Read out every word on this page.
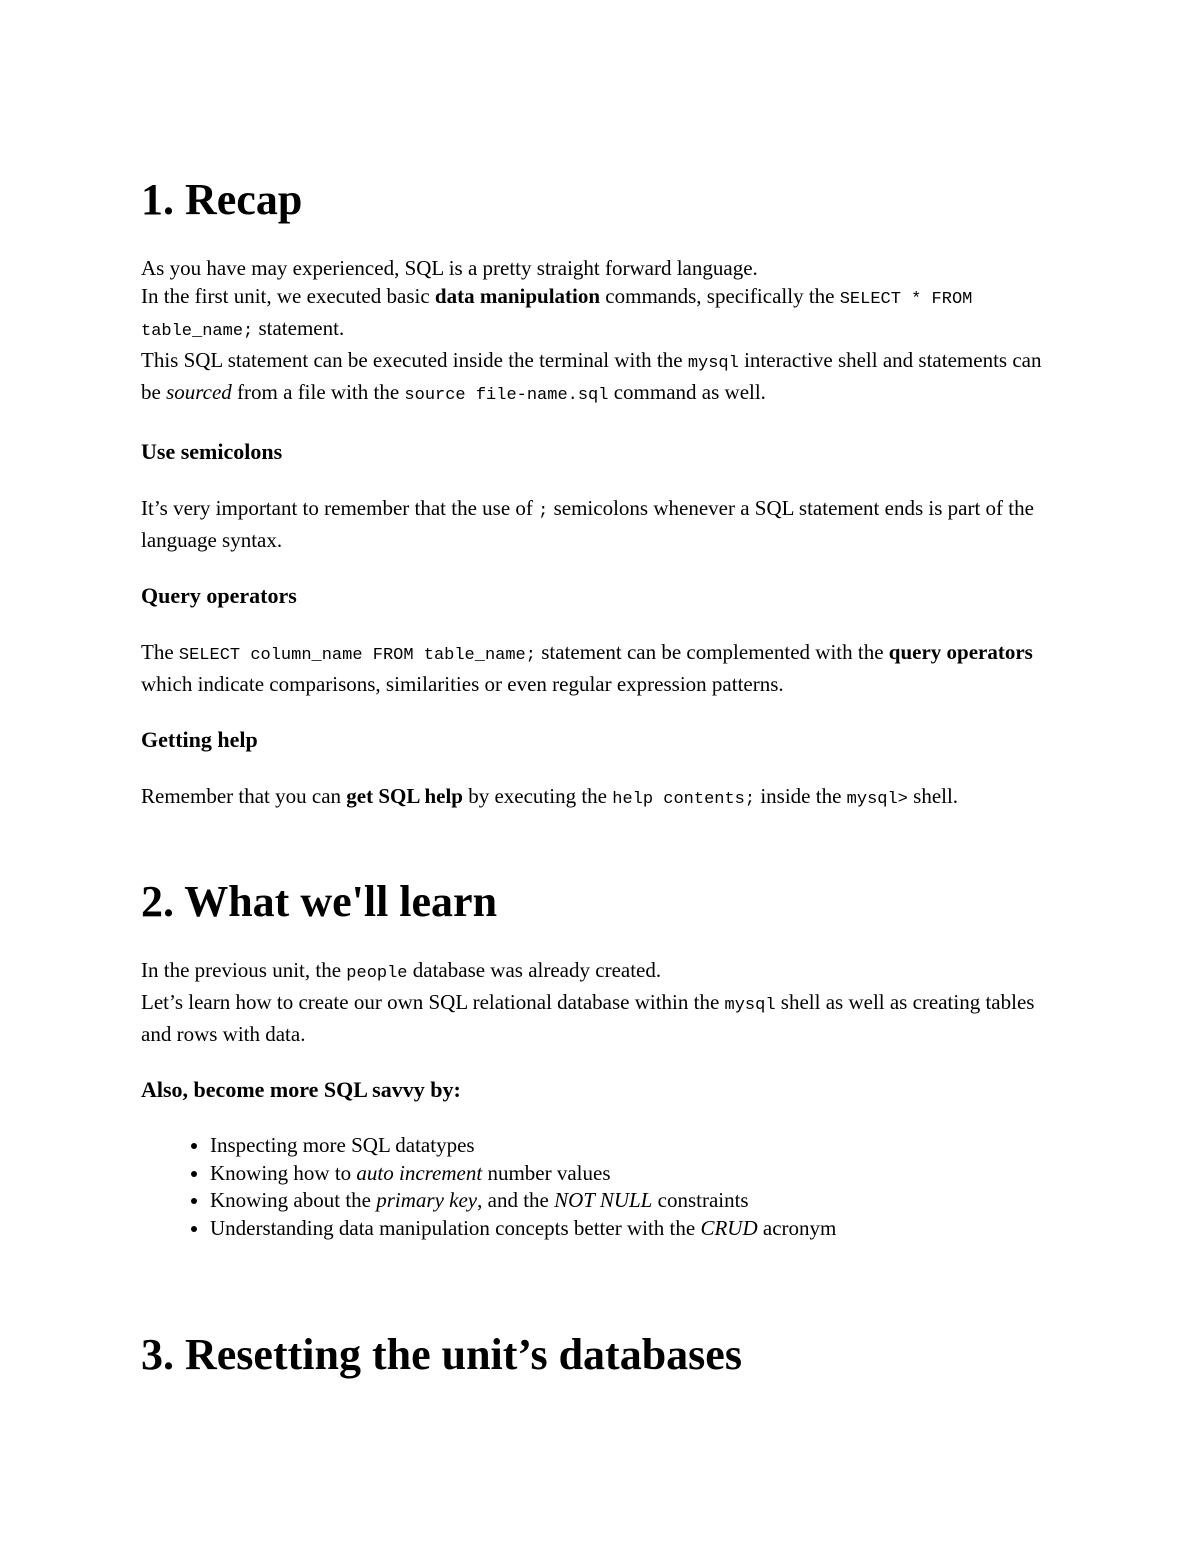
1. Recap

As you have may experienced, SQL is a pretty straight forward language.
In the first unit, we executed basic data manipulation commands, specifically the SELECT * FROM table_name; statement.
This SQL statement can be executed inside the terminal with the mysql interactive shell and statements can be sourced from a file with the source file-name.sql command as well.

Use semicolons

It’s very important to remember that the use of ; semicolons whenever a SQL statement ends is part of the language syntax.

Query operators

The SELECT column_name FROM table_name; statement can be complemented with the query operators which indicate comparisons, similarities or even regular expression patterns.

Getting help

Remember that you can get SQL help by executing the help contents; inside the mysql> shell.

2. What we'll learn

In the previous unit, the people database was already created.
Let’s learn how to create our own SQL relational database within the mysql shell as well as creating tables and rows with data.

Also, become more SQL savvy by:
• Inspecting more SQL datatypes
• Knowing how to auto increment number values
• Knowing about the primary key, and the NOT NULL constraints
• Understanding data manipulation concepts better with the CRUD acronym
3. Resetting the unit’s databases
